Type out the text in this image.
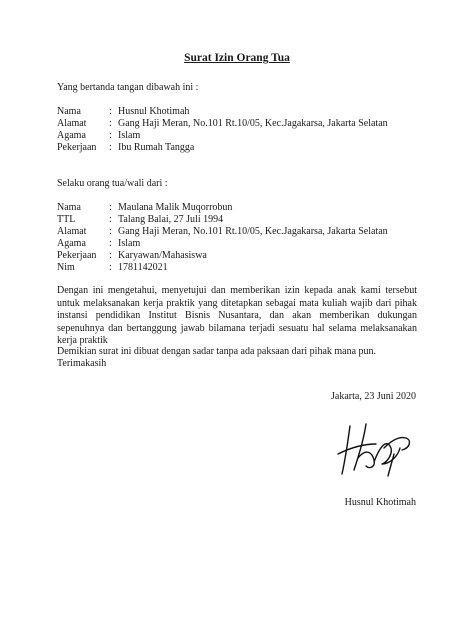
Surat Izin Orang Tua
Yang bertanda tangan dibawah ini :
Nama	: Husnul Khotimah
Alamat : Gang Haji Meran, No.101 Rt.10/05, Kec.Jagakarsa, Jakarta Selatan
Agama : Islam
Pekerjaan : Ibu Rumah Tangga
Selaku orang tua/wali dari :
Nama	: Maulana Malik Muqorrobun
TTL	: Talang Balai, 27 Juli 1994
Alamat : Gang Haji Meran, No.101 Rt.10/05, Kec.Jagakarsa, Jakarta Selatan
Agama : Islam
Pekerjaan : Karyawan/Mahasiswa
Nim	: 1781142021
Dengan ini mengetahui, menyetujui dan memberikan izin kepada anak kami tersebut untuk melaksanakan kerja praktik yang ditetapkan sebagai mata kuliah wajib dari pihak instansi pendidikan Institut Bisnis Nusantara, dan akan memberikan dukungan sepenuhnya dan bertanggung jawab bilamana terjadi sesuatu hal selama melaksanakan kerja praktik
Demikian surat ini dibuat dengan sadar tanpa ada paksaan dari pihak mana pun.
Terimakasih
Jakarta, 23 Juni 2020
Husnul Khotimah
